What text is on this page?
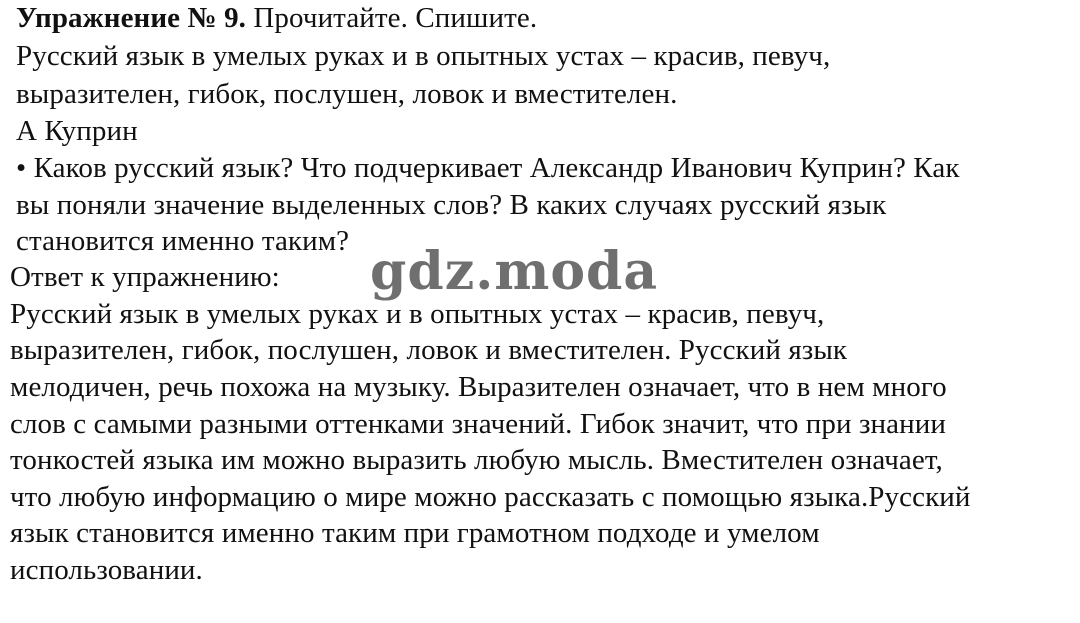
Упражнение № 9. Прочитайте. Спишите.
Русский язык в умелых руках и в опытных устах – красив, певуч,
выразителен, гибок, послушен, ловок и вместителен.
А Куприн
• Каков русский язык? Что подчеркивает Александр Иванович Куприн? Как
вы поняли значение выделенных слов? В каких случаях русский язык
становится именно таким?
Ответ к упражнению:
Русский язык в умелых руках и в опытных устах – красив, певуч,
выразителен, гибок, послушен, ловок и вместителен. Русский язык
мелодичен, речь похожа на музыку. Выразителен означает, что в нем много
слов с самыми разными оттенками значений. Гибок значит, что при знании
тонкостей языка им можно выразить любую мысль. Вместителен означает,
что любую информацию о мире можно рассказать с помощью языка.Русский
язык становится именно таким при грамотном подходе и умелом
использовании.
gdz.moda
